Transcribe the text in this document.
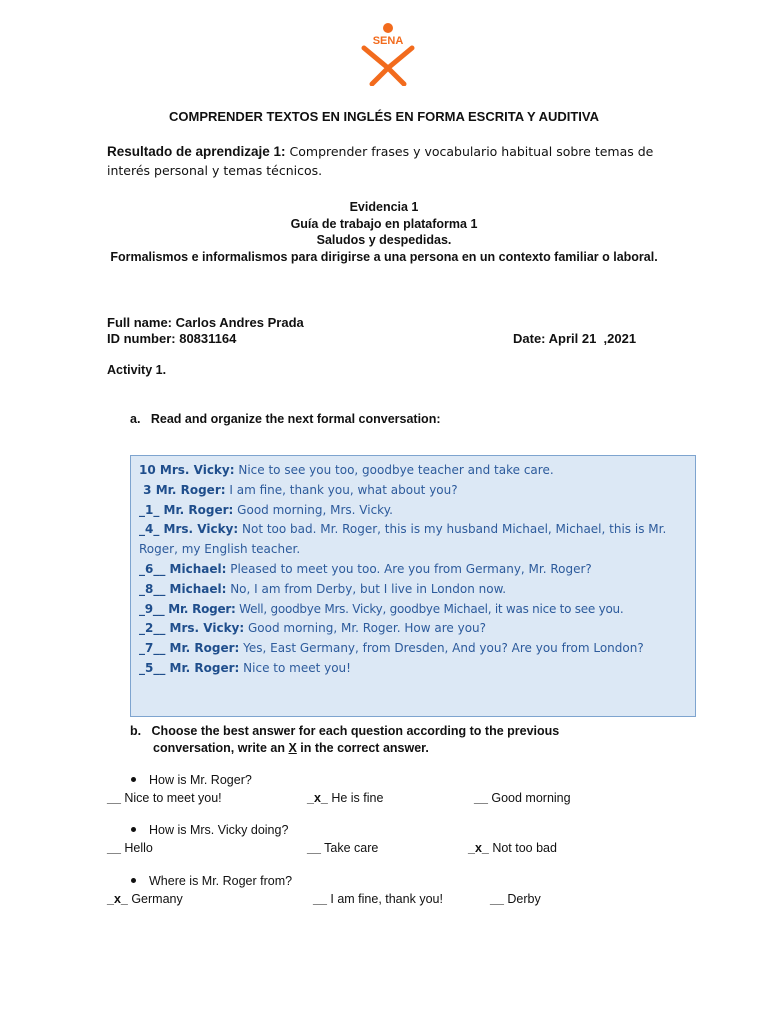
SENA
COMPRENDER TEXTOS EN INGLÉS EN FORMA ESCRITA Y AUDITIVA
Resultado de aprendizaje 1: Comprender frases y vocabulario habitual sobre temas de interés personal y temas técnicos.
Evidencia 1
Guía de trabajo en plataforma 1
Saludos y despedidas.
Formalismos e informalismos para dirigirse a una persona en un contexto familiar o laboral.
Full name: Carlos Andres Prada
ID number: 80831164	Date: April 21  ,2021
Activity 1.
a.   Read and organize the next formal conversation:
10 Mrs. Vicky: Nice to see you too, goodbye teacher and take care.
3 Mr. Roger: I am fine, thank you, what about you?
_1_ Mr. Roger: Good morning, Mrs. Vicky.
_4_ Mrs. Vicky: Not too bad. Mr. Roger, this is my husband Michael, Michael, this is Mr. Roger, my English teacher.
_6__ Michael: Pleased to meet you too. Are you from Germany, Mr. Roger?
_8__ Michael: No, I am from Derby, but I live in London now.
_9__ Mr. Roger: Well, goodbye Mrs. Vicky, goodbye Michael, it was nice to see you.
_2__ Mrs. Vicky: Good morning, Mr. Roger. How are you?
_7__ Mr. Roger: Yes, East Germany, from Dresden, And you? Are you from London?
_5__ Mr. Roger: Nice to meet you!
b.   Choose the best answer for each question according to the previous
conversation, write an X in the correct answer.
How is Mr. Roger?
__ Nice to meet you!	_x_ He is fine	__ Good morning
How is Mrs. Vicky doing?
__ Hello	__ Take care	_x_ Not too bad
Where is Mr. Roger from?
_x_ Germany	__ I am fine, thank you!	__ Derby
